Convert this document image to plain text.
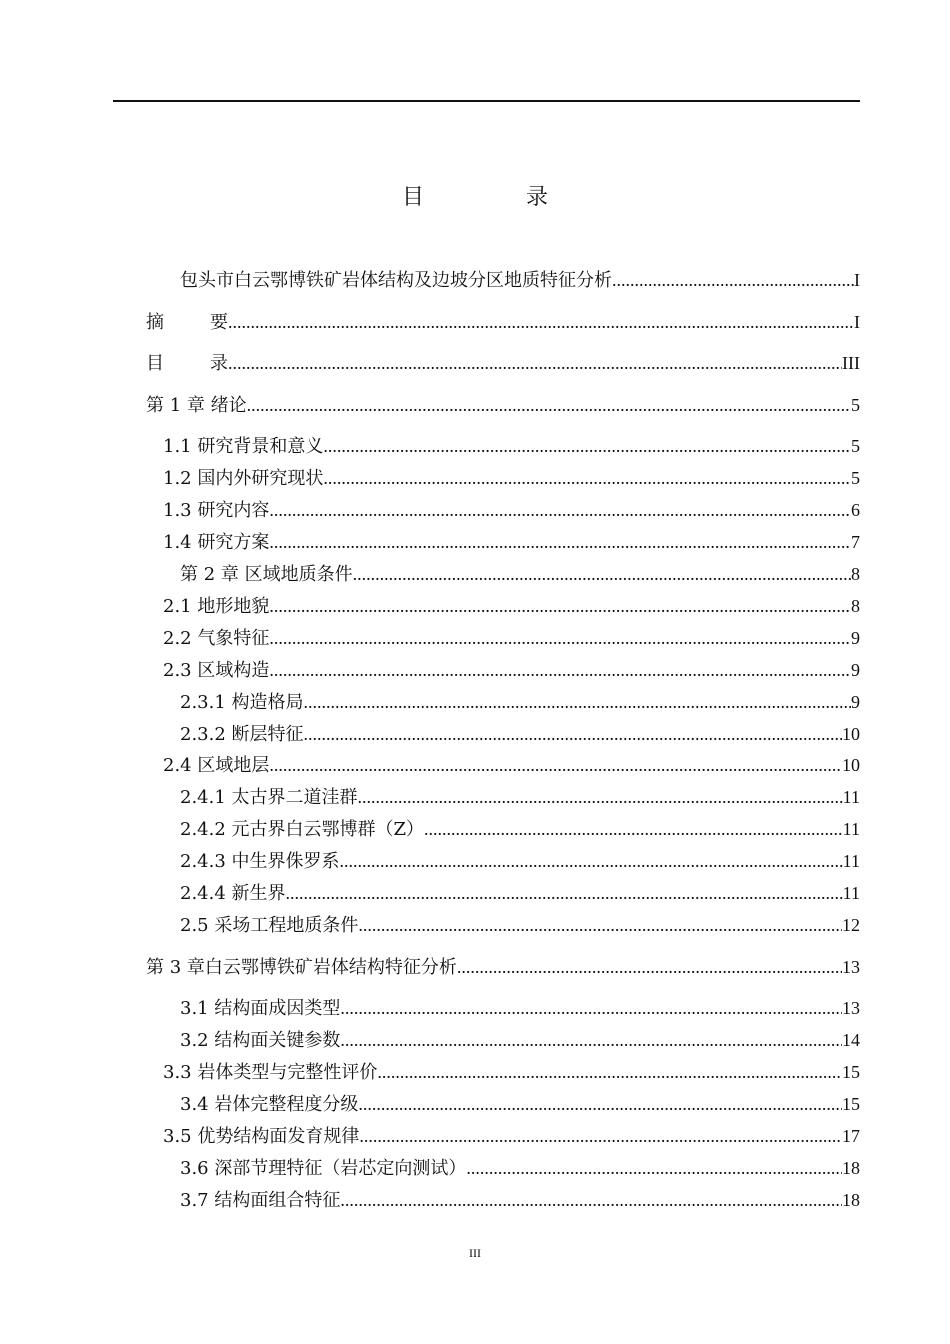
目　录
包头市白云鄂博铁矿岩体结构及边坡分区地质特征分析 .....	I
摘	要 .....	I
目	录 .....	III
第 1 章 绪论 .....	5
1.1 研究背景和意义 .....	5
1.2 国内外研究现状 .....	5
1.3 研究内容 .....	6
1.4 研究方案 .....	7
第 2 章 区域地质条件 .....	8
2.1 地形地貌 .....	8
2.2 气象特征 .....	9
2.3 区域构造 .....	9
2.3.1 构造格局 .....	9
2.3.2 断层特征 .....	10
2.4 区域地层 .....	10
2.4.1 太古界二道洼群 .....	11
2.4.2 元古界白云鄂博群（Z） .....	11
2.4.3 中生界侏罗系 .....	11
2.4.4 新生界 .....	11
2.5 采场工程地质条件 .....	12
第 3 章白云鄂博铁矿岩体结构特征分析 .....	13
3.1 结构面成因类型 .....	13
3.2 结构面关键参数 .....	14
3.3 岩体类型与完整性评价 .....	15
3.4 岩体完整程度分级 .....	15
3.5 优势结构面发育规律 .....	17
3.6 深部节理特征（岩芯定向测试） .....	18
3.7 结构面组合特征 .....	18
III
